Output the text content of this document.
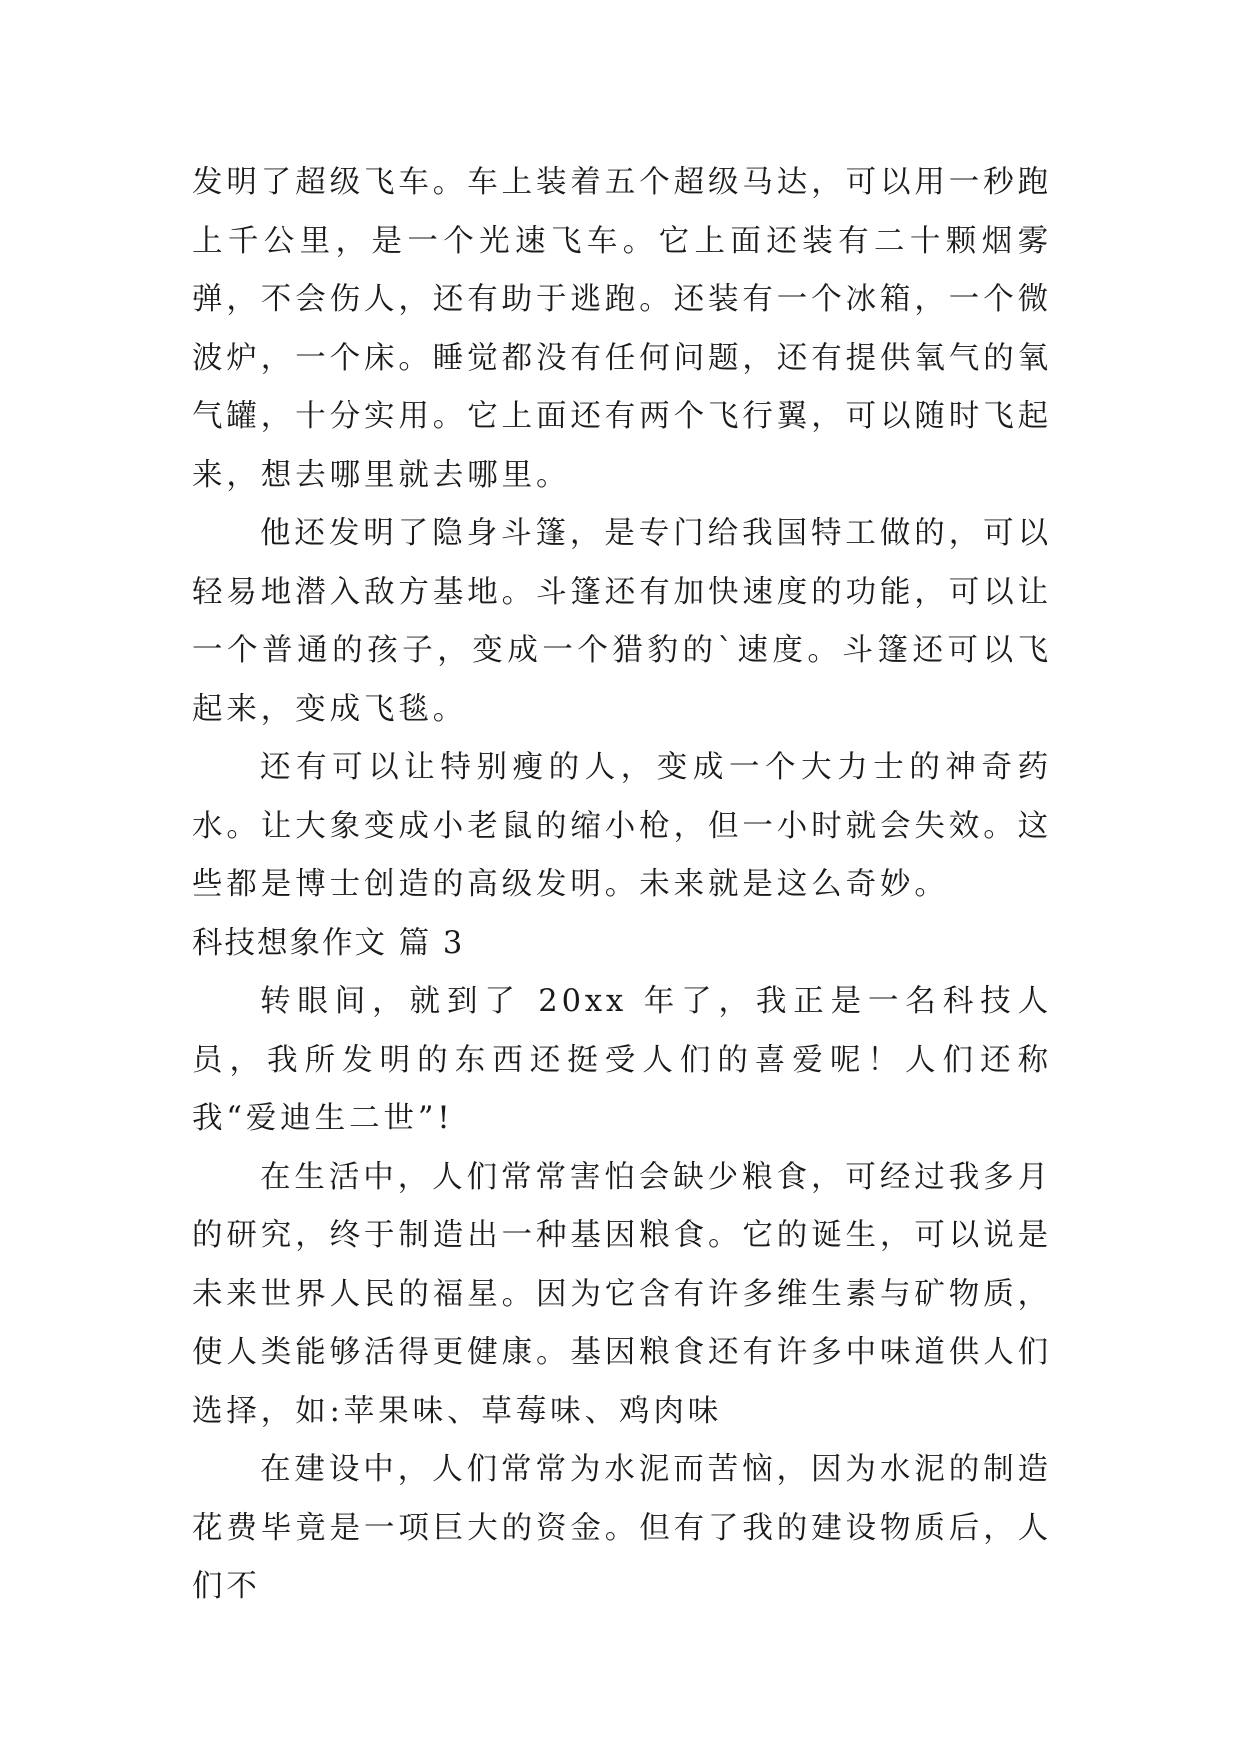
发明了超级飞车。车上装着五个超级马达，可以用一秒跑上千公里，是一个光速飞车。它上面还装有二十颗烟雾弹，不会伤人，还有助于逃跑。还装有一个冰箱，一个微波炉，一个床。睡觉都没有任何问题，还有提供氧气的氧气罐，十分实用。它上面还有两个飞行翼，可以随时飞起来，想去哪里就去哪里。

他还发明了隐身斗篷，是专门给我国特工做的，可以轻易地潜入敌方基地。斗篷还有加快速度的功能，可以让一个普通的孩子，变成一个猎豹的`速度。斗篷还可以飞起来，变成飞毯。

还有可以让特别瘦的人，变成一个大力士的神奇药水。让大象变成小老鼠的缩小枪，但一小时就会失效。这些都是博士创造的高级发明。未来就是这么奇妙。

科技想象作文 篇 3

转眼间，就到了 20xx 年了，我正是一名科技人员，我所发明的东西还挺受人们的喜爱呢！人们还称我“爱迪生二世”!

在生活中，人们常常害怕会缺少粮食，可经过我多月的研究，终于制造出一种基因粮食。它的诞生，可以说是未来世界人民的福星。因为它含有许多维生素与矿物质，使人类能够活得更健康。基因粮食还有许多中味道供人们选择，如:苹果味、草莓味、鸡肉味

在建设中，人们常常为水泥而苦恼，因为水泥的制造花费毕竟是一项巨大的资金。但有了我的建设物质后，人们不
